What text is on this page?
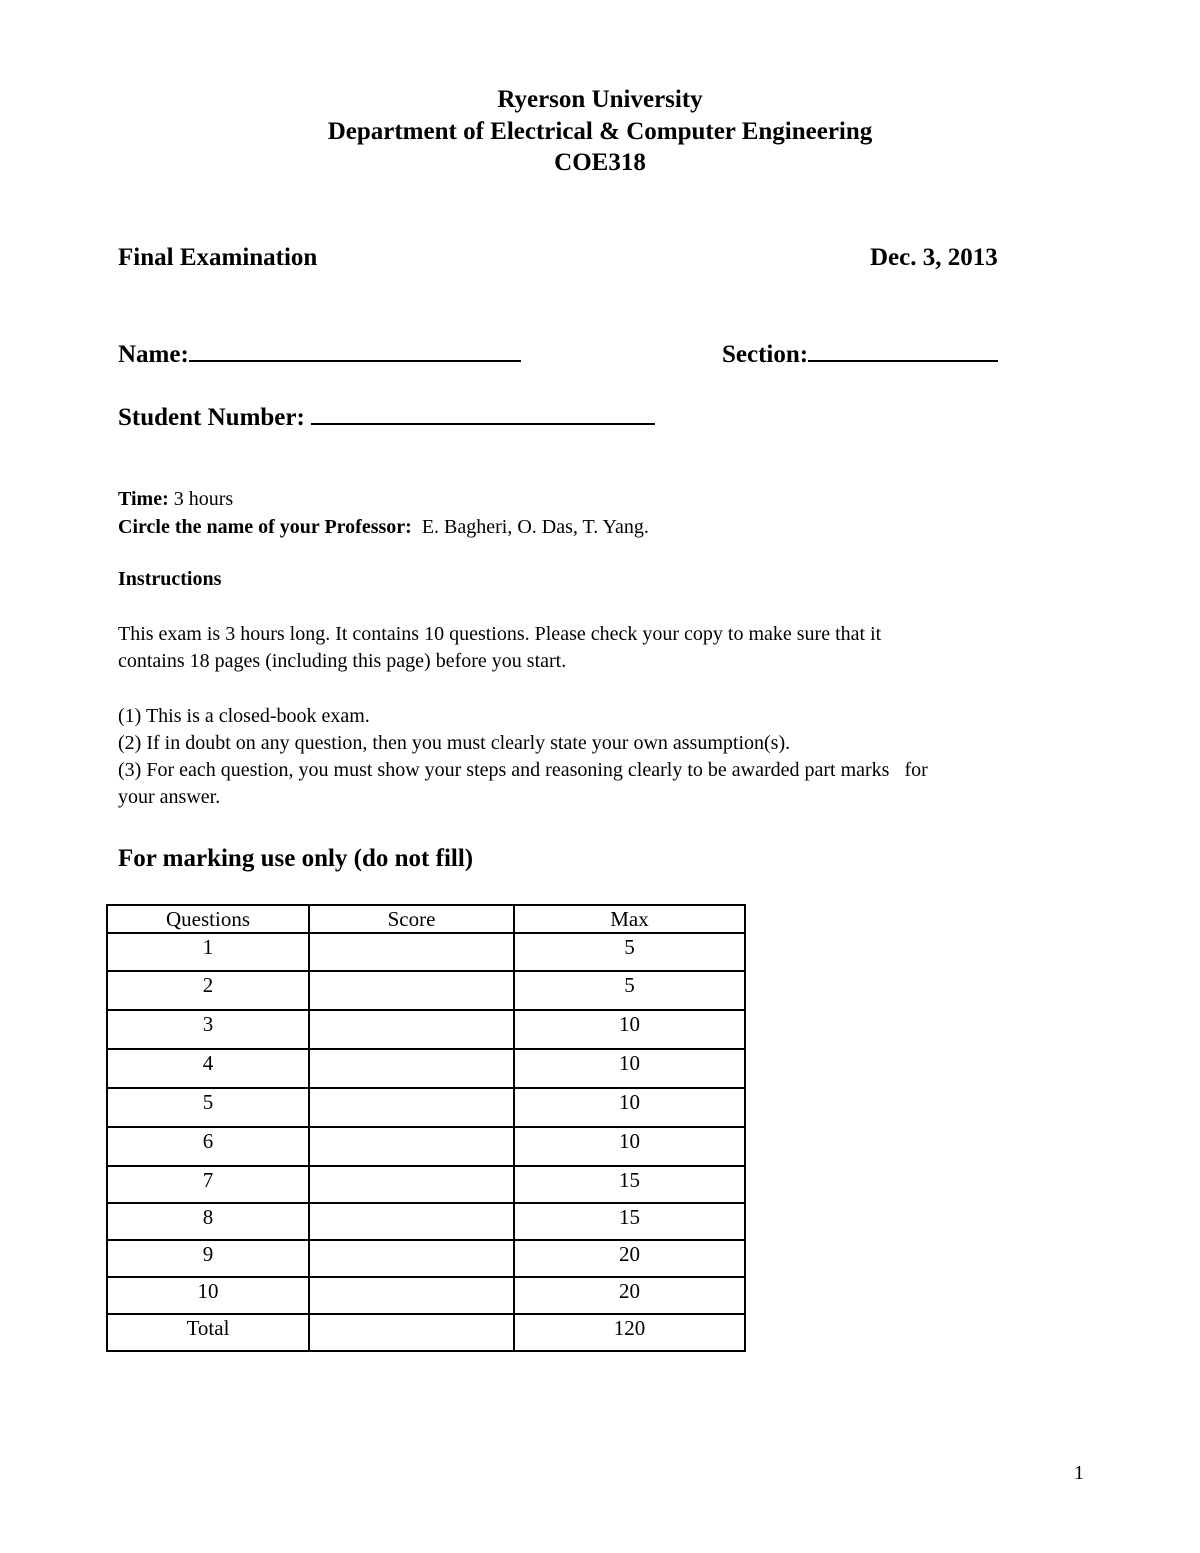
Ryerson University
Department of Electrical & Computer Engineering
COE318
Final Examination	Dec. 3, 2013
Name:	Section:
Student Number:
Time: 3 hours
Circle the name of your Professor:  E. Bagheri, O. Das, T. Yang.
Instructions
This exam is 3 hours long. It contains 10 questions. Please check your copy to make sure that it
contains 18 pages (including this page) before you start.
(1) This is a closed-book exam.
(2) If in doubt on any question, then you must clearly state your own assumption(s).
(3) For each question, you must show your steps and reasoning clearly to be awarded part marks   for
your answer.
For marking use only (do not fill)
Questions	Score	Max
1		5
2		5
3		10
4		10
5		10
6		10
7		15
8		15
9		20
10		20
Total		120
1
